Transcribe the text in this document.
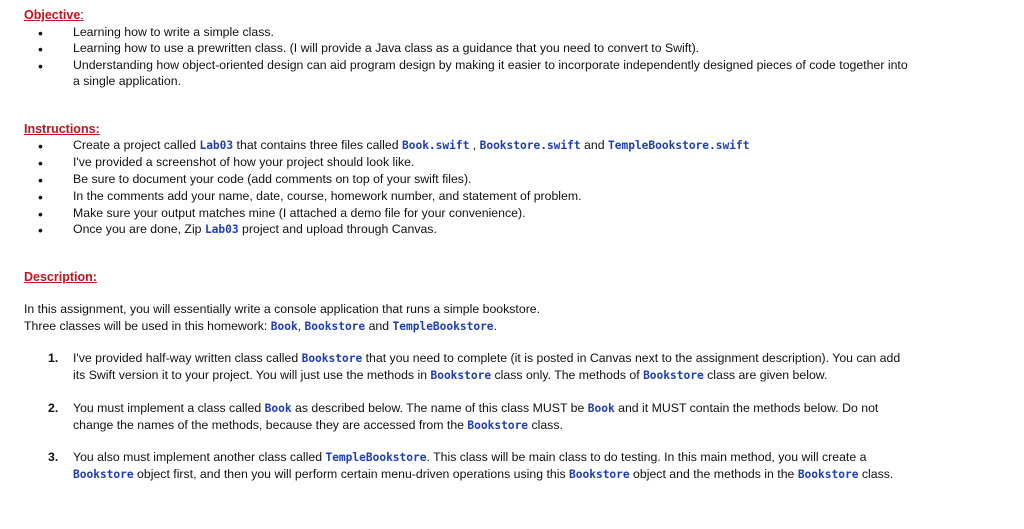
Objective:
• Learning how to write a simple class.
• Learning how to use a prewritten class. (I will provide a Java class as a guidance that you need to convert to Swift).
• Understanding how object-oriented design can aid program design by making it easier to incorporate independently designed pieces of code together into
a single application.
Instructions:
• Create a project called Lab03 that contains three files called Book.swift , Bookstore.swift and TempleBookstore.swift
• I've provided a screenshot of how your project should look like.
• Be sure to document your code (add comments on top of your swift files).
• In the comments add your name, date, course, homework number, and statement of problem.
• Make sure your output matches mine (I attached a demo file for your convenience).
• Once you are done, Zip Lab03 project and upload through Canvas.
Description:
In this assignment, you will essentially write a console application that runs a simple bookstore.
Three classes will be used in this homework: Book, Bookstore and TempleBookstore.
1. I've provided half-way written class called Bookstore that you need to complete (it is posted in Canvas next to the assignment description). You can add
its Swift version it to your project. You will just use the methods in Bookstore class only. The methods of Bookstore class are given below.
2. You must implement a class called Book as described below. The name of this class MUST be Book and it MUST contain the methods below. Do not
change the names of the methods, because they are accessed from the Bookstore class.
3. You also must implement another class called TempleBookstore. This class will be main class to do testing. In this main method, you will create a
Bookstore object first, and then you will perform certain menu-driven operations using this Bookstore object and the methods in the Bookstore class.
